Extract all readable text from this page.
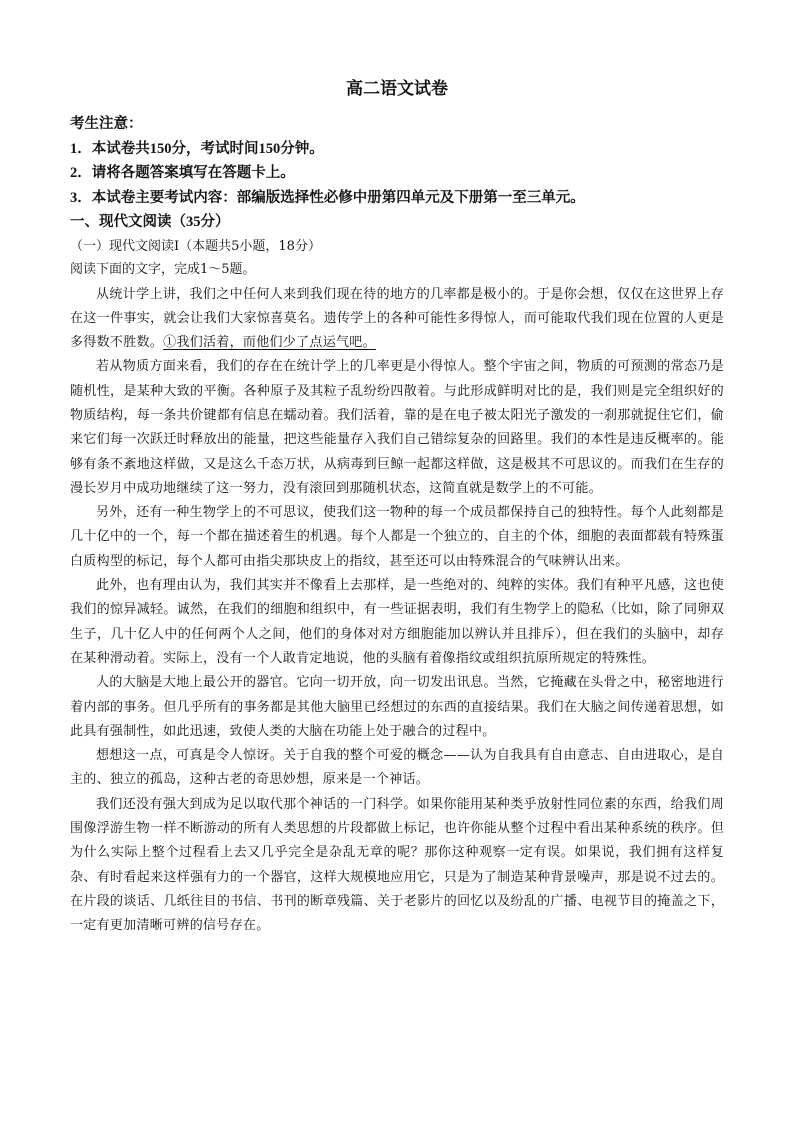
高二语文试卷
考生注意：
1．本试卷共150分，考试时间150分钟。
2．请将各题答案填写在答题卡上。
3．本试卷主要考试内容：部编版选择性必修中册第四单元及下册第一至三单元。
一、现代文阅读（35分）
（一）现代文阅读Ⅰ（本题共5小题，18分）
阅读下面的文字，完成1～5题。

从统计学上讲，我们之中任何人来到我们现在待的地方的几率都是极小的。于是你会想，仅仅在这世界上存在这一件事实，就会让我们大家惊喜莫名。遗传学上的各种可能性多得惊人，而可能取代我们现在位置的人更是多得数不胜数。①我们活着，而他们少了点运气吧。

若从物质方面来看，我们的存在在统计学上的几率更是小得惊人。整个宇宙之间，物质的可预测的常态乃是随机性，是某种大致的平衡。各种原子及其粒子乱纷纷四散着。与此形成鲜明对比的是，我们则是完全组织好的物质结构，每一条共价键都有信息在蠕动着。我们活着，靠的是在电子被太阳光子激发的一刹那就捉住它们，偷来它们每一次跃迁时释放出的能量，把这些能量存入我们自己错综复杂的回路里。我们的本性是违反概率的。能够有条不紊地这样做，又是这么千态万状，从病毒到巨鲸一起都这样做，这是极其不可思议的。而我们在生存的漫长岁月中成功地继续了这一努力，没有滚回到那随机状态，这简直就是数学上的不可能。

另外，还有一种生物学上的不可思议，使我们这一物种的每一个成员都保持自己的独特性。每个人此刻都是几十亿中的一个，每一个都在描述着生的机遇。每个人都是一个独立的、自主的个体，细胞的表面都载有特殊蛋白质构型的标记，每个人都可由指尖那块皮上的指纹，甚至还可以由特殊混合的气味辨认出来。

此外，也有理由认为，我们其实并不像看上去那样，是一些绝对的、纯粹的实体。我们有种平凡感，这也使我们的惊异减轻。诚然，在我们的细胞和组织中，有一些证据表明，我们有生物学上的隐私（比如，除了同卵双生子，几十亿人中的任何两个人之间，他们的身体对对方细胞能加以辨认并且排斥），但在我们的头脑中，却存在某种滑动着。实际上，没有一个人敢肯定地说，他的头脑有着像指纹或组织抗原所规定的特殊性。

人的大脑是大地上最公开的器官。它向一切开放，向一切发出讯息。当然，它掩藏在头骨之中，秘密地进行着内部的事务。但几乎所有的事务都是其他大脑里已经想过的东西的直接结果。我们在大脑之间传递着思想，如此具有强制性，如此迅速，致使人类的大脑在功能上处于融合的过程中。

想想这一点，可真是令人惊讶。关于自我的整个可爱的概念——认为自我具有自由意志、自由进取心，是自主的、独立的孤岛，这种古老的奇思妙想，原来是一个神话。

我们还没有强大到成为足以取代那个神话的一门科学。如果你能用某种类乎放射性同位素的东西，给我们周围像浮游生物一样不断游动的所有人类思想的片段都做上标记，也许你能从整个过程中看出某种系统的秩序。但为什么实际上整个过程看上去又几乎完全是杂乱无章的呢？那你这种观察一定有误。如果说，我们拥有这样复杂、有时看起来这样强有力的一个器官，这样大规模地应用它，只是为了制造某种背景噪声，那是说不过去的。在片段的谈话、几纸往目的书信、书刊的断章残篇、关于老影片的回忆以及纷乱的广播、电视节目的掩盖之下，一定有更加清晰可辨的信号存在。
